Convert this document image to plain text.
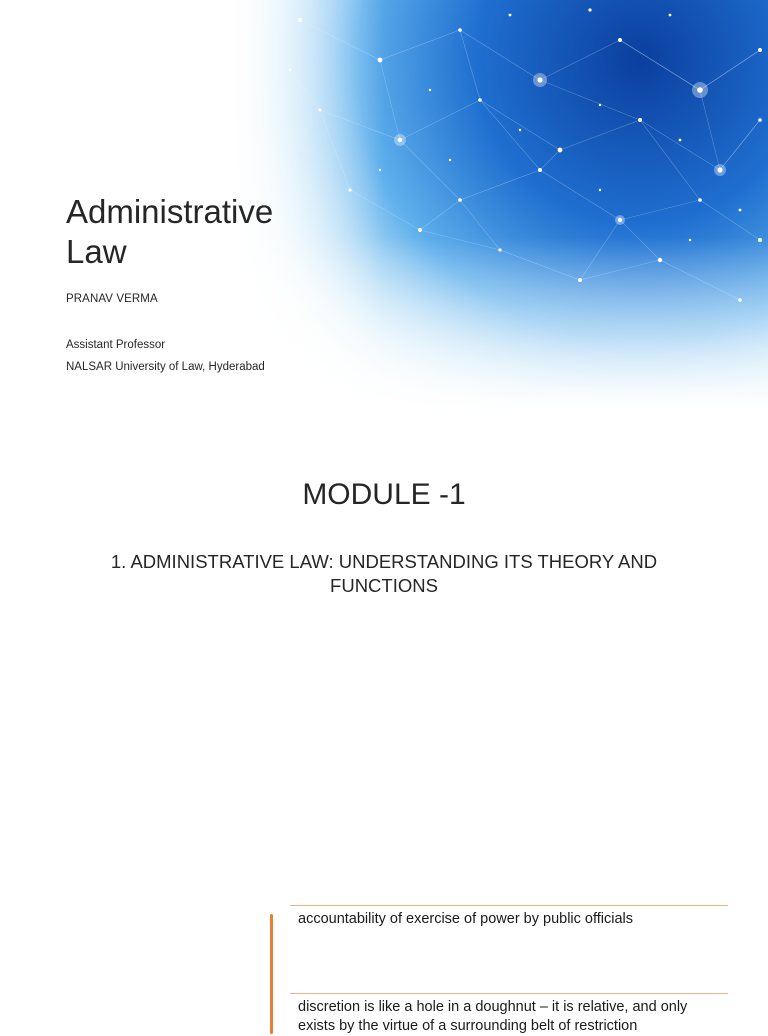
Administrative
Law
PRANAV VERMA
Assistant Professor
NALSAR University of Law, Hyderabad
MODULE -1
1. ADMINISTRATIVE LAW: UNDERSTANDING ITS THEORY AND FUNCTIONS
accountability of exercise of power by public officials
discretion is like a hole in a doughnut – it is relative, and only exists by the virtue of a surrounding belt of restriction
